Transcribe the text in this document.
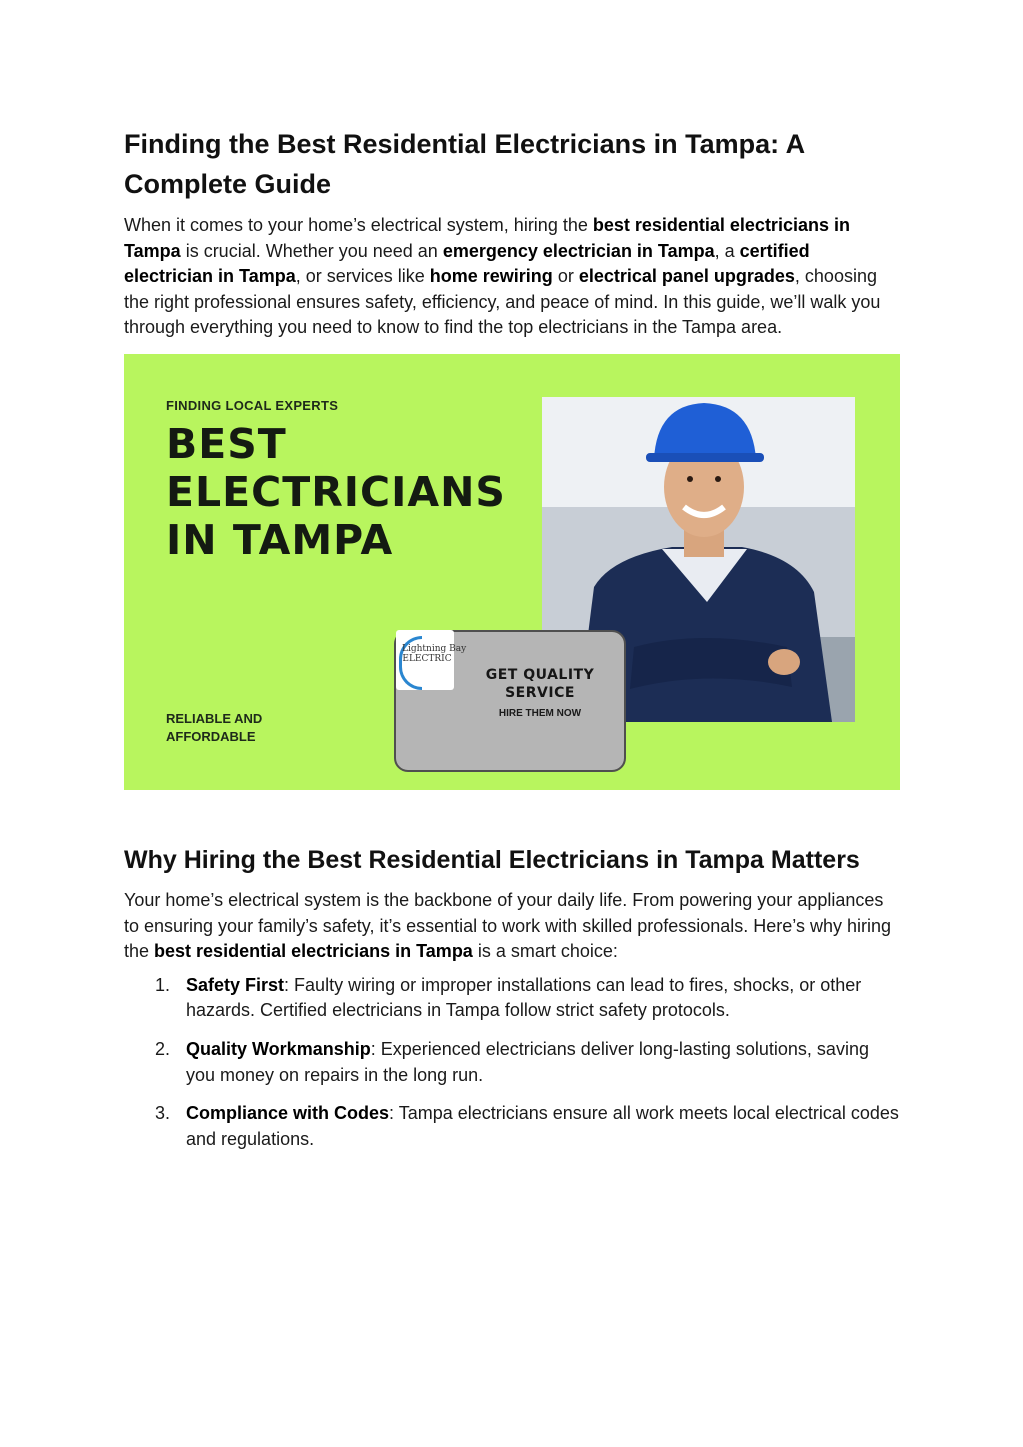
Finding the Best Residential Electricians in Tampa: A Complete Guide

When it comes to your home’s electrical system, hiring the best residential electricians in Tampa is crucial. Whether you need an emergency electrician in Tampa, a certified electrician in Tampa, or services like home rewiring or electrical panel upgrades, choosing the right professional ensures safety, efficiency, and peace of mind. In this guide, we’ll walk you through everything you need to know to find the top electricians in the Tampa area.

FINDING LOCAL EXPERTS
BEST
ELECTRICIANS
IN TAMPA
RELIABLE AND
AFFORDABLE
GET QUALITY
SERVICE
HIRE THEM NOW
Lightning Bay
ELECTRIC
Why Hiring the Best Residential Electricians in Tampa Matters

Your home’s electrical system is the backbone of your daily life. From powering your appliances to ensuring your family’s safety, it’s essential to work with skilled professionals. Here’s why hiring the best residential electricians in Tampa is a smart choice:

1. Safety First: Faulty wiring or improper installations can lead to fires, shocks, or other hazards. Certified electricians in Tampa follow strict safety protocols.
2. Quality Workmanship: Experienced electricians deliver long-lasting solutions, saving you money on repairs in the long run.
3. Compliance with Codes: Tampa electricians ensure all work meets local electrical codes and regulations.
